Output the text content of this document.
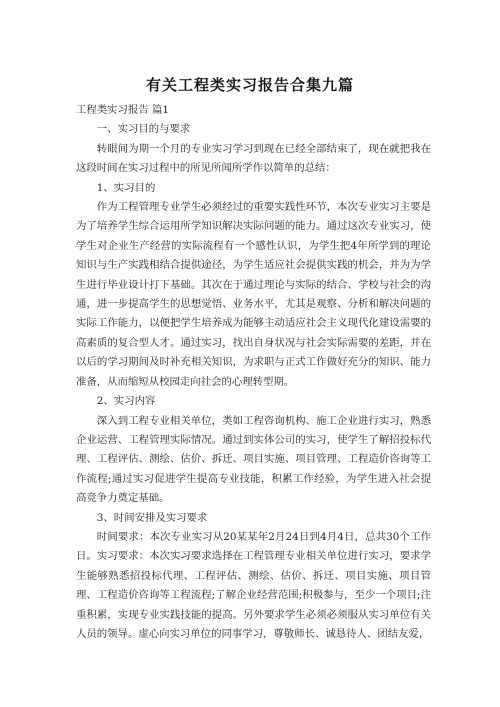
有关工程类实习报告合集九篇

工程类实习报告 篇1

一、实习目的与要求

转眼间为期一个月的专业实习学习到现在已经全部结束了，现在就把我在这段时间在实习过程中的所见所闻所学作以简单的总结：

1、实习目的

作为工程管理专业学生必须经过的重要实践性环节，本次专业实习主要是为了培养学生综合运用所学知识解决实际问题的能力。通过这次专业实习，使学生对企业生产经营的实际流程有一个感性认识，为学生把4年所学到的理论知识与生产实践相结合提供途径，为学生适应社会提供实践的机会，并为为学生进行毕业设计打下基础。其次在于通过理论与实际的结合、学校与社会的沟通，进一步提高学生的思想觉悟、业务水平，尤其是观察、分析和解决问题的实际工作能力，以便把学生培养成为能够主动适应社会主义现代化建设需要的高素质的复合型人才。通过实习，找出自身状况与社会实际需要的差距，并在以后的学习期间及时补充相关知识，为求职与正式工作做好充分的知识、能力准备，从而缩短从校园走向社会的心理转型期。

2、实习内容

深入到工程专业相关单位，类如工程咨询机构、施工企业进行实习，熟悉企业运营、工程管理实际情况。通过到实体公司的实习，使学生了解招投标代理、工程评估、测绘、估价、拆迁、项目实施、项目管理、工程造价咨询等工作流程;通过实习促进学生提高专业技能，积累工作经验，为学生进入社会提高竞争力奠定基础。

3、时间安排及实习要求

时间要求：本次专业实习从20某某年2月24日到4月4日，总共30个工作日。实习要求：本次实习要求选择在工程管理专业相关单位进行实习，要求学生能够熟悉招投标代理、工程评估、测绘、估价、拆迁、项目实施、项目管理、工程造价咨询等工程流程;了解企业经营范围;积极参与，至少一个项目;注重积累，实现专业实践技能的提高。另外要求学生必须必须服从实习单位有关人员的领导。虚心向实习单位的同事学习，尊敬师长、诚恳待人、团结友爱，
